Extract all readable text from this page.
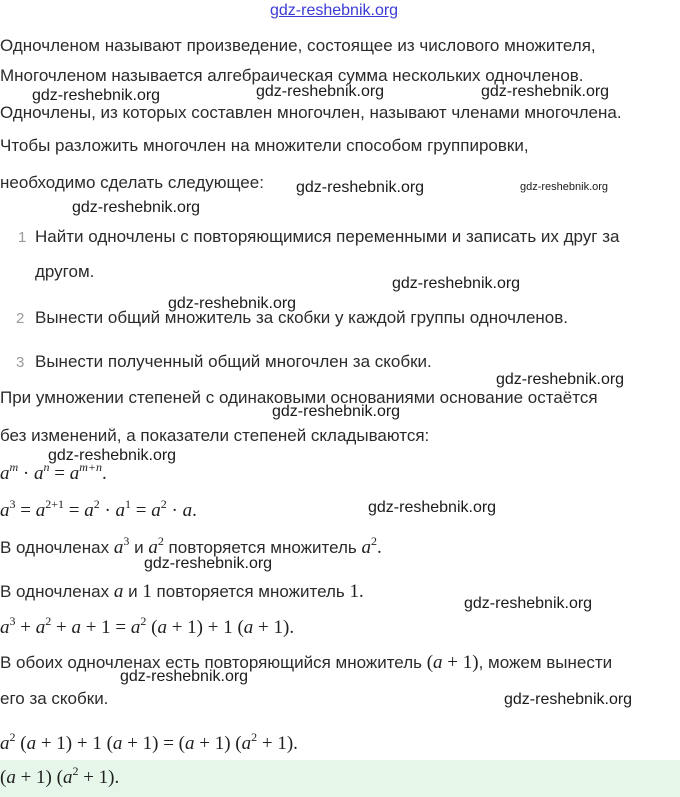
gdz-reshebnik.org
Одночленом называют произведение, состоящее из числового множителя,
Многочленом называется алгебраическая сумма нескольких одночленов.
Одночлены, из которых составлен многочлен, называют членами многочлена.
Чтобы разложить многочлен на множители способом группировки,
необходимо сделать следующее:
1 Найти одночлены с повторяющимися переменными и записать их друг за
другом.
2 Вынести общий множитель за скобки у каждой группы одночленов.
3 Вынести полученный общий многочлен за скобки.
При умножении степеней с одинаковыми основаниями основание остаётся
без изменений, а показатели степеней складываются:
$a^m \cdot a^n = a^{m+n}$.
$a^3 = a^{2+1} = a^2 \cdot a^1 = a^2 \cdot a$.
В одночленах $a^3$ и $a^2$ повторяется множитель $a^2$.
В одночленах a и 1 повторяется множитель 1.
$a^3 + a^2 + a + 1 = a^2$ (a + 1) + 1 (a + 1).
В обоих одночленах есть повторяющийся множитель (a + 1), можем вынести
его за скобки.
$a^2$ (a + 1) + 1 (a + 1) = (a + 1) $(a^2 + 1)$.
(a + 1) $(a^2 + 1)$.
gdz-reshebnik.org	gdz-reshebnik.org	gdz-reshebnik.org
gdz-reshebnik.org	gdz-reshebnik.org
gdz-reshebnik.org
gdz-reshebnik.org
gdz-reshebnik.org
gdz-reshebnik.org
gdz-reshebnik.org
gdz-reshebnik.org
gdz-reshebnik.org
gdz-reshebnik.org
gdz-reshebnik.org
gdz-reshebnik.org
gdz-reshebnik.org
